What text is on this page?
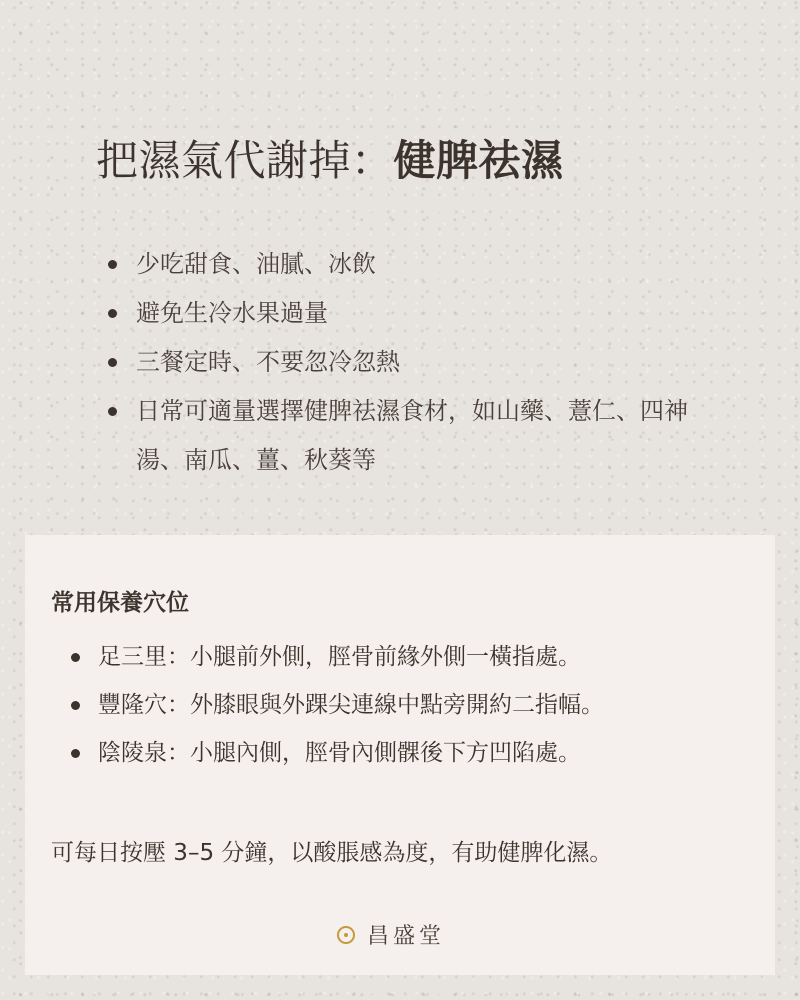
把濕氣代謝掉：健脾祛濕
少吃甜食、油膩、冰飲
避免生冷水果過量
三餐定時、不要忽冷忽熱
日常可適量選擇健脾祛濕食材，如山藥、薏仁、四神湯、南瓜、薑、秋葵等
常用保養穴位
足三里：小腿前外側，脛骨前緣外側一橫指處。
豐隆穴：外膝眼與外踝尖連線中點旁開約二指幅。
陰陵泉：小腿內側，脛骨內側髁後下方凹陷處。

可每日按壓 3–5 分鐘，以酸脹感為度，有助健脾化濕。

昌盛堂
